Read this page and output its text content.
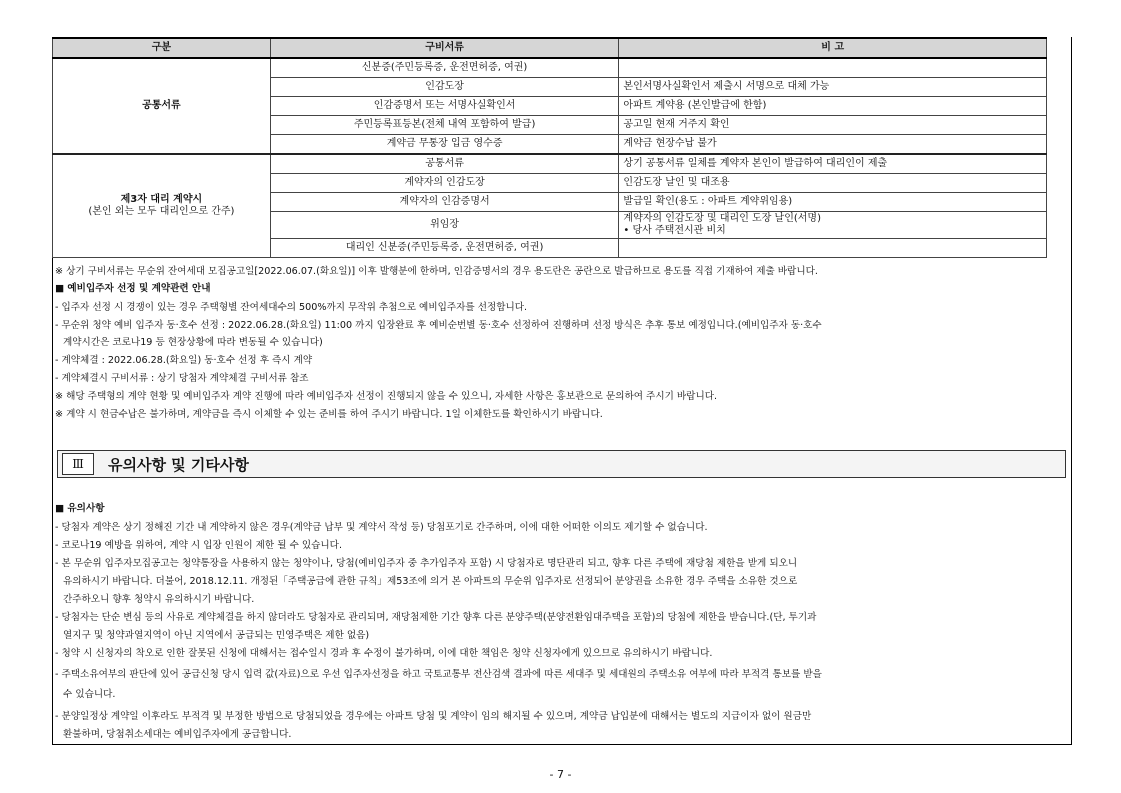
구분	구비서류	비 고
공통서류	신분증(주민등록증, 운전면허증, 여권)	
	인감도장	본인서명사실확인서 제출시 서명으로 대체 가능
	인감증명서 또는 서명사실확인서	아파트 계약용 (본인발급에 한함)
	주민등록표등본(전체 내역 포함하여 발급)	공고일 현재 거주지 확인
	계약금 무통장 입금 영수증	계약금 현장수납 불가
제3자 대리 계약시
(본인 외는 모두 대리인으로 간주)	공통서류	상기 공통서류 일체를 계약자 본인이 발급하여 대리인이 제출
	계약자의 인감도장	인감도장 날인 및 대조용
	계약자의 인감증명서	발급일 확인(용도 : 아파트 계약위임용)
	위임장	계약자의 인감도장 및 대리인 도장 날인(서명)
• 당사 주택전시관 비치

	대리인 신분증(주민등록증, 운전면허증, 여권)	
※ 상기 구비서류는 무순위 잔여세대 모집공고일[2022.06.07.(화요일)] 이후 발행분에 한하며, 인감증명서의 경우 용도란은 공란으로 발급하므로 용도를 직접 기재하여 제출 바랍니다.
■ 예비입주자 선정 및 계약관련 안내
- 입주자 선정 시 경쟁이 있는 경우 주택형별 잔여세대수의 500%까지 무작위 추첨으로 예비입주자를 선정합니다.
- 무순위 청약 예비 입주자 동·호수 선정 : 2022.06.28.(화요일) 11:00 까지 입장완료 후 예비순번별 동·호수 선정하여 진행하며 선정 방식은 추후 통보 예정입니다.(예비입주자 동·호수
계약시간은 코로나19 등 현장상황에 따라 변동될 수 있습니다)
- 계약체결 : 2022.06.28.(화요일) 동·호수 선정 후 즉시 계약
- 계약체결시 구비서류 : 상기 당첨자 계약체결 구비서류 참조
※ 해당 주택형의 계약 현황 및 예비입주자 계약 진행에 따라 예비입주자 선정이 진행되지 않을 수 있으니, 자세한 사항은 홍보관으로 문의하여 주시기 바랍니다.
※ 계약 시 현금수납은 불가하며, 계약금을 즉시 이체할 수 있는 준비를 하여 주시기 바랍니다. 1일 이체한도를 확인하시기 바랍니다.
Ⅲ	유의사항 및 기타사항
■ 유의사항
- 당첨자 계약은 상기 정해진 기간 내 계약하지 않은 경우(계약금 납부 및 계약서 작성 등) 당첨포기로 간주하며, 이에 대한 어떠한 이의도 제기할 수 없습니다.
- 코로나19 예방을 위하여, 계약 시 입장 인원이 제한 될 수 있습니다.
- 본 무순위 입주자모집공고는 청약통장을 사용하지 않는 청약이나, 당첨(예비입주자 중 추가입주자 포함) 시 당첨자로 명단관리 되고, 향후 다른 주택에 재당첨 제한을 받게 되오니
유의하시기 바랍니다. 더불어, 2018.12.11. 개정된「주택공급에 관한 규칙」제53조에 의거 본 아파트의 무순위 입주자로 선정되어 분양권을 소유한 경우 주택을 소유한 것으로
간주하오니 향후 청약시 유의하시기 바랍니다.
- 당첨자는 단순 변심 등의 사유로 계약체결을 하지 않더라도 당첨자로 관리되며, 재당첨제한 기간 향후 다른 분양주택(분양전환임대주택을 포함)의 당첨에 제한을 받습니다.(단, 투기과
열지구 및 청약과열지역이 아닌 지역에서 공급되는 민영주택은 제한 없음)
- 청약 시 신청자의 착오로 인한 잘못된 신청에 대해서는 접수일시 경과 후 수정이 불가하며, 이에 대한 책임은 청약 신청자에게 있으므로 유의하시기 바랍니다.
- 주택소유여부의 판단에 있어 공급신청 당시 입력 값(자료)으로 우선 입주자선정을 하고 국토교통부 전산검색 결과에 따른 세대주 및 세대원의 주택소유 여부에 따라 부적격 통보를 받을
수 있습니다.
- 분양일정상 계약일 이후라도 부적격 및 부정한 방법으로 당첨되었을 경우에는 아파트 당첨 및 계약이 임의 해지될 수 있으며, 계약금 납입분에 대해서는 별도의 지급이자 없이 원금만
환불하며, 당첨취소세대는 예비입주자에게 공급합니다.
- 7 -
